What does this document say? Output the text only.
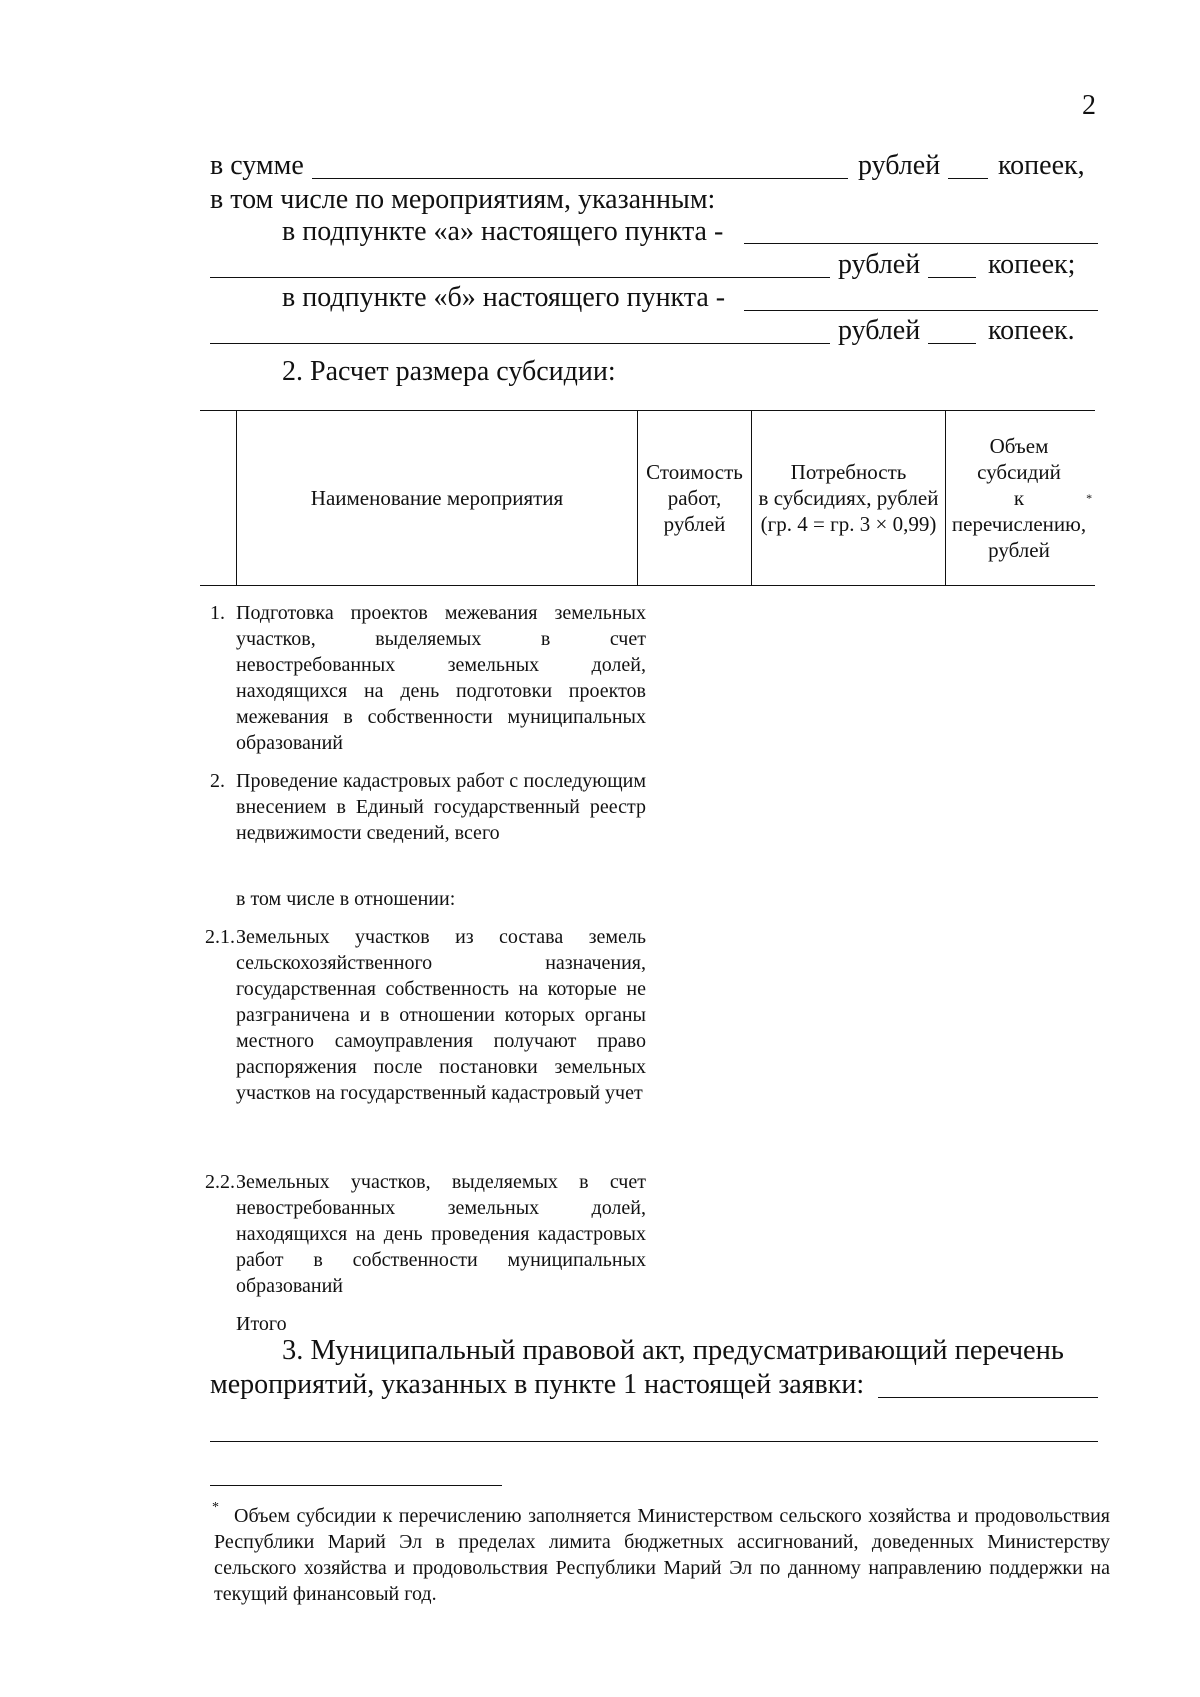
2
в сумме	рублей копеек,
в том числе по мероприятиям, указанным:
в подпункте «а» настоящего пункта -
рублей копеек;
в подпункте «б» настоящего пункта -
рублей копеек.
2. Расчет размера субсидии:
Наименование мероприятия
Стоимость
работ,
рублей
Потребность
в субсидиях, рублей
(гр. 4 = гр. 3 × 0,99)
Объем
субсидий
к
перечислению,
рублей
*
1. Подготовка проектов межевания земельных участков, выделяемых в счет невостребованных земельных долей, находящихся на день подготовки проектов межевания в собственности муниципальных образований
2. Проведение кадастровых работ с последующим внесением в Единый государственный реестр недвижимости сведений, всего
в том числе в отношении:
2.1. Земельных участков из состава земель сельскохозяйственного назначения, государственная собственность на которые не разграничена и в отношении которых органы местного самоуправления получают право распоряжения после постановки земельных участков на государственный кадастровый учет
2.2. Земельных участков, выделяемых в счет невостребованных земельных долей, находящихся на день проведения кадастровых работ в собственности муниципальных образований
Итого
3. Муниципальный правовой акт, предусматривающий перечень
мероприятий, указанных в пункте 1 настоящей заявки:
* Объем субсидии к перечислению заполняется Министерством сельского хозяйства и продовольствия Республики Марий Эл в пределах лимита бюджетных ассигнований, доведенных Министерству сельского хозяйства и продовольствия Республики Марий Эл по данному направлению поддержки на текущий финансовый год.
